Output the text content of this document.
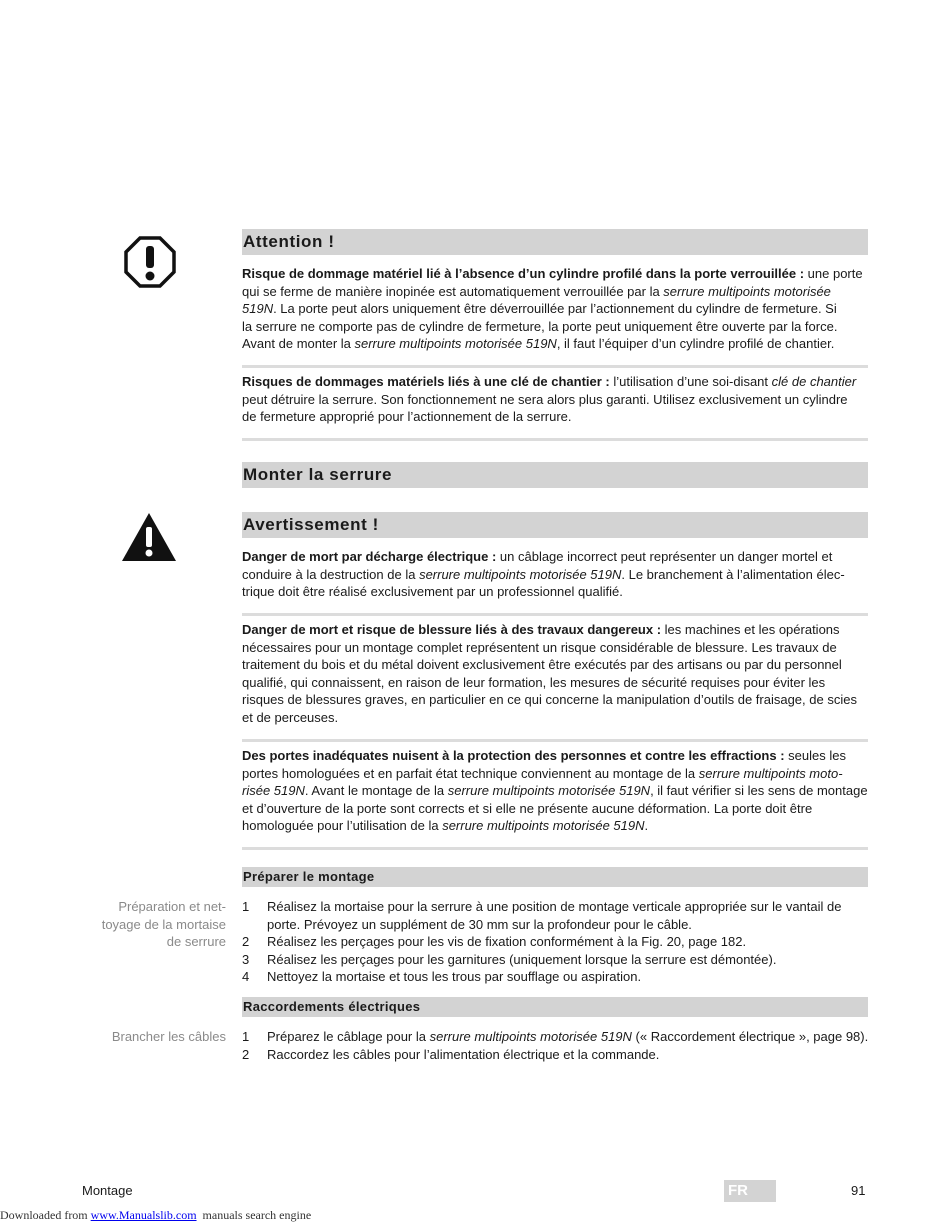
Attention !
Risque de dommage matériel lié à l’absence d’un cylindre profilé dans la porte verrouillée : une porte
qui se ferme de manière inopinée est automatiquement verrouillée par la serrure multipoints motorisée
519N. La porte peut alors uniquement être déverrouillée par l’actionnement du cylindre de fermeture. Si
la serrure ne comporte pas de cylindre de fermeture, la porte peut uniquement être ouverte par la force.
Avant de monter la serrure multipoints motorisée 519N, il faut l’équiper d’un cylindre profilé de chantier.
Risques de dommages matériels liés à une clé de chantier : l’utilisation d’une soi-disant clé de chantier
peut détruire la serrure. Son fonctionnement ne sera alors plus garanti. Utilisez exclusivement un cylindre
de fermeture approprié pour l’actionnement de la serrure.
Monter la serrure
Avertissement !
Danger de mort par décharge électrique : un câblage incorrect peut représenter un danger mortel et
conduire à la destruction de la serrure multipoints motorisée 519N. Le branchement à l’alimentation élec-
trique doit être réalisé exclusivement par un professionnel qualifié.
Danger de mort et risque de blessure liés à des travaux dangereux : les machines et les opérations
nécessaires pour un montage complet représentent un risque considérable de blessure. Les travaux de
traitement du bois et du métal doivent exclusivement être exécutés par des artisans ou par du personnel
qualifié, qui connaissent, en raison de leur formation, les mesures de sécurité requises pour éviter les
risques de blessures graves, en particulier en ce qui concerne la manipulation d’outils de fraisage, de scies
et de perceuses.
Des portes inadéquates nuisent à la protection des personnes et contre les effractions : seules les
portes homologuées et en parfait état technique conviennent au montage de la serrure multipoints moto-
risée 519N. Avant le montage de la serrure multipoints motorisée 519N, il faut vérifier si les sens de montage
et d’ouverture de la porte sont corrects et si elle ne présente aucune déformation. La porte doit être
homologuée pour l’utilisation de la serrure multipoints motorisée 519N.
Préparer le montage
Préparation et net-
toyage de la mortaise
de serrure
1	Réalisez la mortaise pour la serrure à une position de montage verticale appropriée sur le vantail de porte. Prévoyez un supplément de 30 mm sur la profondeur pour le câble.
2	Réalisez les perçages pour les vis de fixation conformément à la Fig. 20, page 182.
3	Réalisez les perçages pour les garnitures (uniquement lorsque la serrure est démontée).
4	Nettoyez la mortaise et tous les trous par soufflage ou aspiration.
Raccordements électriques
Brancher les câbles 1	Préparez le câblage pour la serrure multipoints motorisée 519N (« Raccordement électrique », page 98).
2	Raccordez les câbles pour l’alimentation électrique et la commande.
Montage	FR	91
Downloaded from www.Manualslib.com  manuals search engine
